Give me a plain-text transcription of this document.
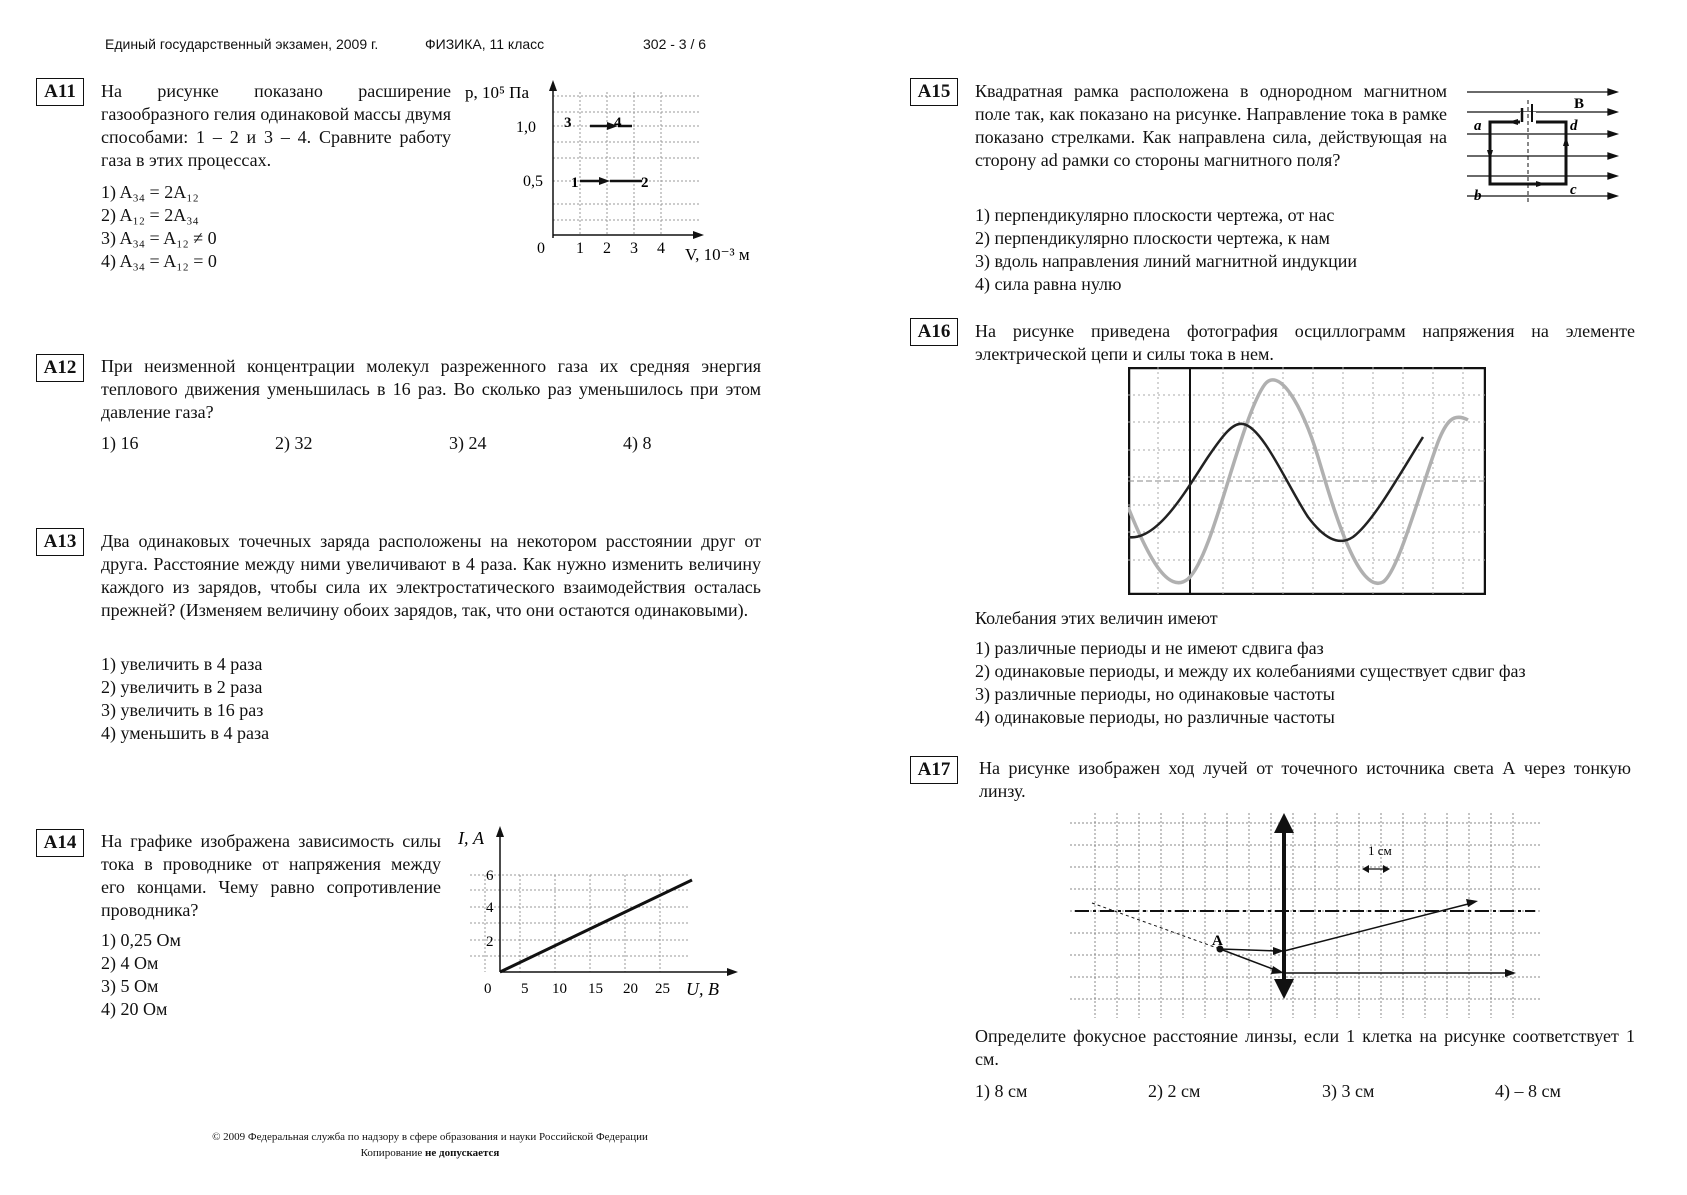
Единый государственный экзамен, 2009 г.	ФИЗИКА, 11 класс	302 - 3 / 6
А11	На рисунке показано расширение газообразного гелия одинаковой массы двумя способами: 1 – 2 и 3 – 4. Сравните работу газа в этих процессах.
1) A₃₄ = 2A₁₂
2) A₁₂ = 2A₃₄
3) A₃₄ = A₁₂ ≠ 0
4) A₃₄ = A₁₂ = 0
p, 10⁵ Па
1,0
0,5
0 1 2 3 4 V, 10⁻³ м
3	4
1	2
А12	При неизменной концентрации молекул разреженного газа их средняя энергия теплового движения уменьшилась в 16 раз. Во сколько раз уменьшилось при этом давление газа?
1) 16	2) 32	3) 24	4) 8
А13	Два одинаковых точечных заряда расположены на некотором расстоянии друг от друга. Расстояние между ними увеличивают в 4 раза. Как нужно изменить величину каждого из зарядов, чтобы сила их электростатического взаимодействия осталась прежней? (Изменяем величину обоих зарядов, так, что они остаются одинаковыми).
1) увеличить в 4 раза
2) увеличить в 2 раза
3) увеличить в 16 раз
4) уменьшить в 4 раза
А14	На графике изображена зависимость силы тока в проводнике от напряжения между его концами. Чему равно сопротивление проводника?
1) 0,25 Ом
2) 4 Ом
3) 5 Ом
4) 20 Ом
I, А
2
4
6
0 5 10 15 20 25 U, В
А15	Квадратная рамка расположена в однородном магнитном поле так, как показано на рисунке. Направление тока в рамке показано стрелками. Как направлена сила, действующая на сторону ad рамки со стороны магнитного поля?
1) перпендикулярно плоскости чертежа, от нас
2) перпендикулярно плоскости чертежа, к нам
3) вдоль направления линий магнитной индукции
4) сила равна нулю
B
a	d
b	c
А16	На рисунке приведена фотография осциллограмм напряжения на элементе электрической цепи и силы тока в нем.
Колебания этих величин имеют
1) различные периоды и не имеют сдвига фаз
2) одинаковые периоды, и между их колебаниями существует сдвиг фаз
3) различные периоды, но одинаковые частоты
4) одинаковые периоды, но различные частоты
А17	На рисунке изображен ход лучей от точечного источника света А через тонкую линзу.
A
1 см
Определите фокусное расстояние линзы, если 1 клетка на рисунке соответствует 1 см.
1) 8 см	2) 2 см	3) 3 см	4) – 8 см
© 2009 Федеральная служба по надзору в сфере образования и науки Российской Федерации
Копирование не допускается
